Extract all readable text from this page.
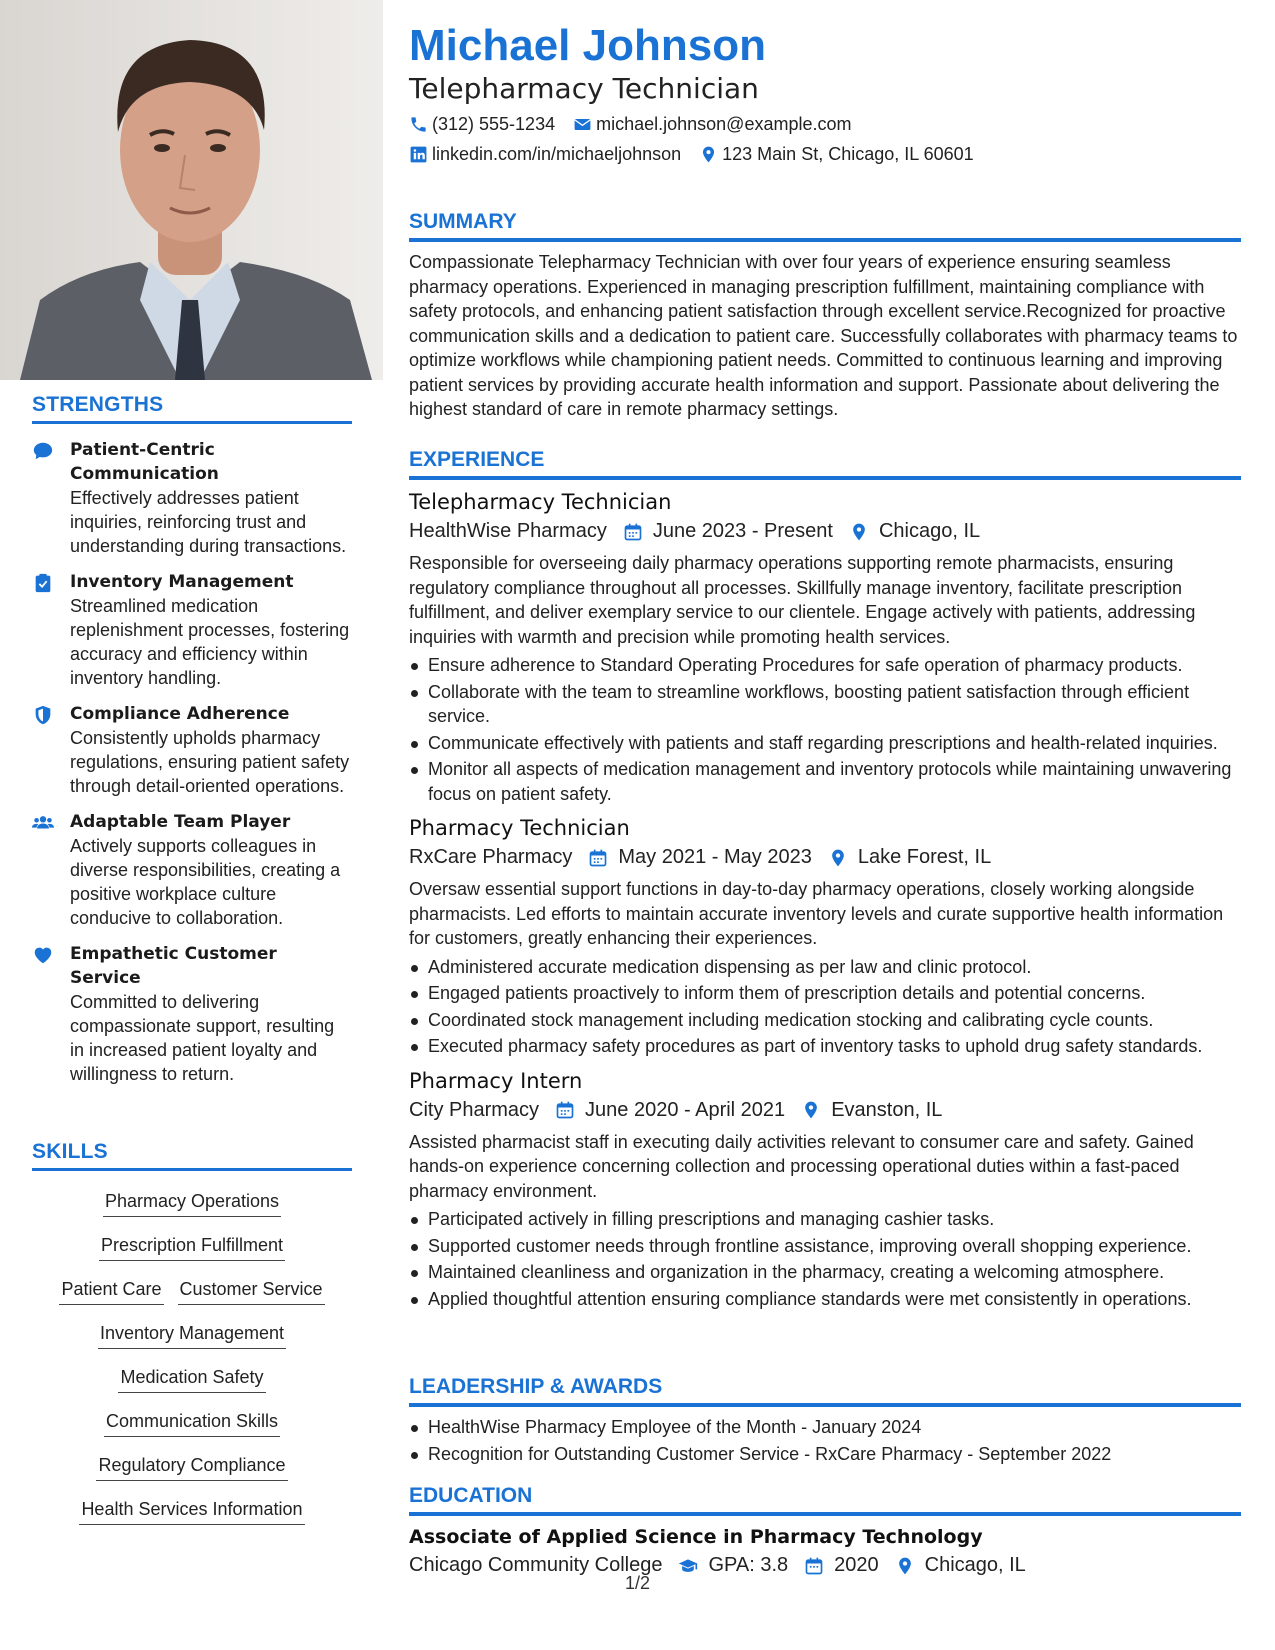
STRENGTHS
Patient-Centric Communication
Effectively addresses patient inquiries, reinforcing trust and understanding during transactions.
Inventory Management
Streamlined medication replenishment processes, fostering accuracy and efficiency within inventory handling.
Compliance Adherence
Consistently upholds pharmacy regulations, ensuring patient safety through detail-oriented operations.
Adaptable Team Player
Actively supports colleagues in diverse responsibilities, creating a positive workplace culture conducive to collaboration.
Empathetic Customer Service
Committed to delivering compassionate support, resulting in increased patient loyalty and willingness to return.
SKILLS
Pharmacy Operations
Prescription Fulfillment
Patient Care Customer Service
Inventory Management
Medication Safety
Communication Skills
Regulatory Compliance
Health Services Information
Michael Johnson
Telepharmacy Technician
(312) 555-1234 michael.johnson@example.com
linkedin.com/in/michaeljohnson 123 Main St, Chicago, IL 60601
SUMMARY
Compassionate Telepharmacy Technician with over four years of experience ensuring seamless pharmacy operations. Experienced in managing prescription fulfillment, maintaining compliance with safety protocols, and enhancing patient satisfaction through excellent service.Recognized for proactive communication skills and a dedication to patient care. Successfully collaborates with pharmacy teams to optimize workflows while championing patient needs. Committed to continuous learning and improving patient services by providing accurate health information and support. Passionate about delivering the highest standard of care in remote pharmacy settings.
EXPERIENCE
Telepharmacy Technician
HealthWise Pharmacy June 2023 - Present Chicago, IL
Responsible for overseeing daily pharmacy operations supporting remote pharmacists, ensuring regulatory compliance throughout all processes. Skillfully manage inventory, facilitate prescription fulfillment, and deliver exemplary service to our clientele. Engage actively with patients, addressing inquiries with warmth and precision while promoting health services.
Ensure adherence to Standard Operating Procedures for safe operation of pharmacy products.
Collaborate with the team to streamline workflows, boosting patient satisfaction through efficient service.
Communicate effectively with patients and staff regarding prescriptions and health-related inquiries.
Monitor all aspects of medication management and inventory protocols while maintaining unwavering focus on patient safety.
Pharmacy Technician
RxCare Pharmacy May 2021 - May 2023 Lake Forest, IL
Oversaw essential support functions in day-to-day pharmacy operations, closely working alongside pharmacists. Led efforts to maintain accurate inventory levels and curate supportive health information for customers, greatly enhancing their experiences.
Administered accurate medication dispensing as per law and clinic protocol.
Engaged patients proactively to inform them of prescription details and potential concerns.
Coordinated stock management including medication stocking and calibrating cycle counts.
Executed pharmacy safety procedures as part of inventory tasks to uphold drug safety standards.
Pharmacy Intern
City Pharmacy June 2020 - April 2021 Evanston, IL
Assisted pharmacist staff in executing daily activities relevant to consumer care and safety. Gained hands-on experience concerning collection and processing operational duties within a fast-paced pharmacy environment.
Participated actively in filling prescriptions and managing cashier tasks.
Supported customer needs through frontline assistance, improving overall shopping experience.
Maintained cleanliness and organization in the pharmacy, creating a welcoming atmosphere.
Applied thoughtful attention ensuring compliance standards were met consistently in operations.
LEADERSHIP & AWARDS
HealthWise Pharmacy Employee of the Month - January 2024
Recognition for Outstanding Customer Service - RxCare Pharmacy - September 2022
EDUCATION
Associate of Applied Science in Pharmacy Technology
Chicago Community College GPA: 3.8 2020 Chicago, IL
1/2
